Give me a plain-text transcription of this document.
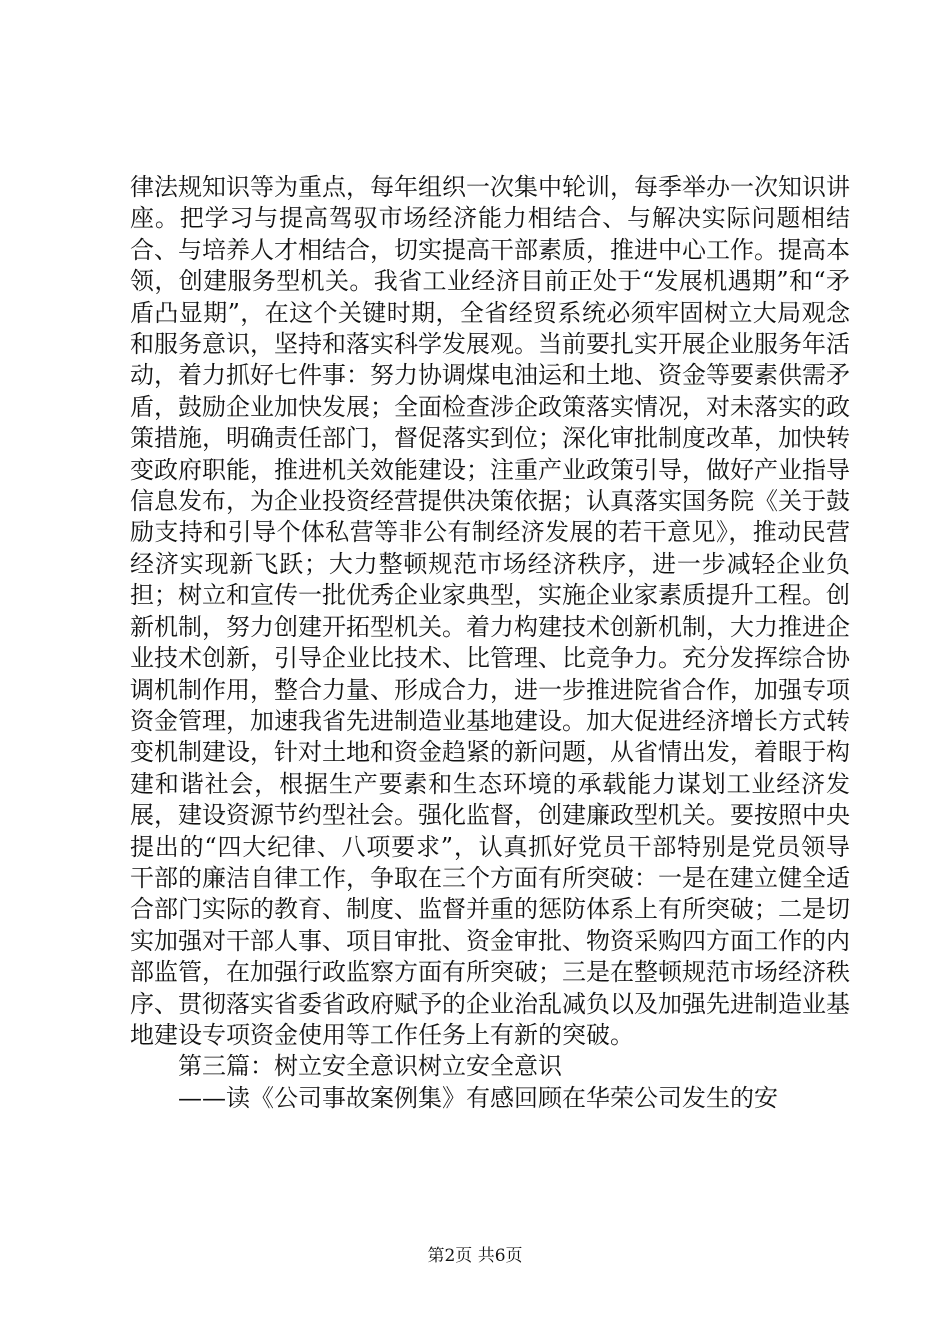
律法规知识等为重点，每年组织一次集中轮训，每季举办一次知识讲座。把学习与提高驾驭市场经济能力相结合、与解决实际问题相结合、与培养人才相结合，切实提高干部素质，推进中心工作。提高本领，创建服务型机关。我省工业经济目前正处于“发展机遇期”和“矛盾凸显期”，在这个关键时期，全省经贸系统必须牢固树立大局观念和服务意识，坚持和落实科学发展观。当前要扎实开展企业服务年活动，着力抓好七件事：努力协调煤电油运和土地、资金等要素供需矛盾，鼓励企业加快发展；全面检查涉企政策落实情况，对未落实的政策措施，明确责任部门，督促落实到位；深化审批制度改革，加快转变政府职能，推进机关效能建设；注重产业政策引导，做好产业指导信息发布，为企业投资经营提供决策依据；认真落实国务院《关于鼓励支持和引导个体私营等非公有制经济发展的若干意见》，推动民营经济实现新飞跃；大力整顿规范市场经济秩序，进一步减轻企业负担；树立和宣传一批优秀企业家典型，实施企业家素质提升工程。创新机制，努力创建开拓型机关。着力构建技术创新机制，大力推进企业技术创新，引导企业比技术、比管理、比竞争力。充分发挥综合协调机制作用，整合力量、形成合力，进一步推进院省合作，加强专项资金管理，加速我省先进制造业基地建设。加大促进经济增长方式转变机制建设，针对土地和资金趋紧的新问题，从省情出发，着眼于构建和谐社会，根据生产要素和生态环境的承载能力谋划工业经济发展，建设资源节约型社会。强化监督，创建廉政型机关。要按照中央提出的“四大纪律、八项要求”，认真抓好党员干部特别是党员领导干部的廉洁自律工作，争取在三个方面有所突破：一是在建立健全适合部门实际的教育、制度、监督并重的惩防体系上有所突破；二是切实加强对干部人事、项目审批、资金审批、物资采购四方面工作的内部监管，在加强行政监察方面有所突破；三是在整顿规范市场经济秩序、贯彻落实省委省政府赋予的企业治乱减负以及加强先进制造业基地建设专项资金使用等工作任务上有新的突破。

第三篇：树立安全意识树立安全意识

——读《公司事故案例集》有感回顾在华荣公司发生的安

第2页 共6页
